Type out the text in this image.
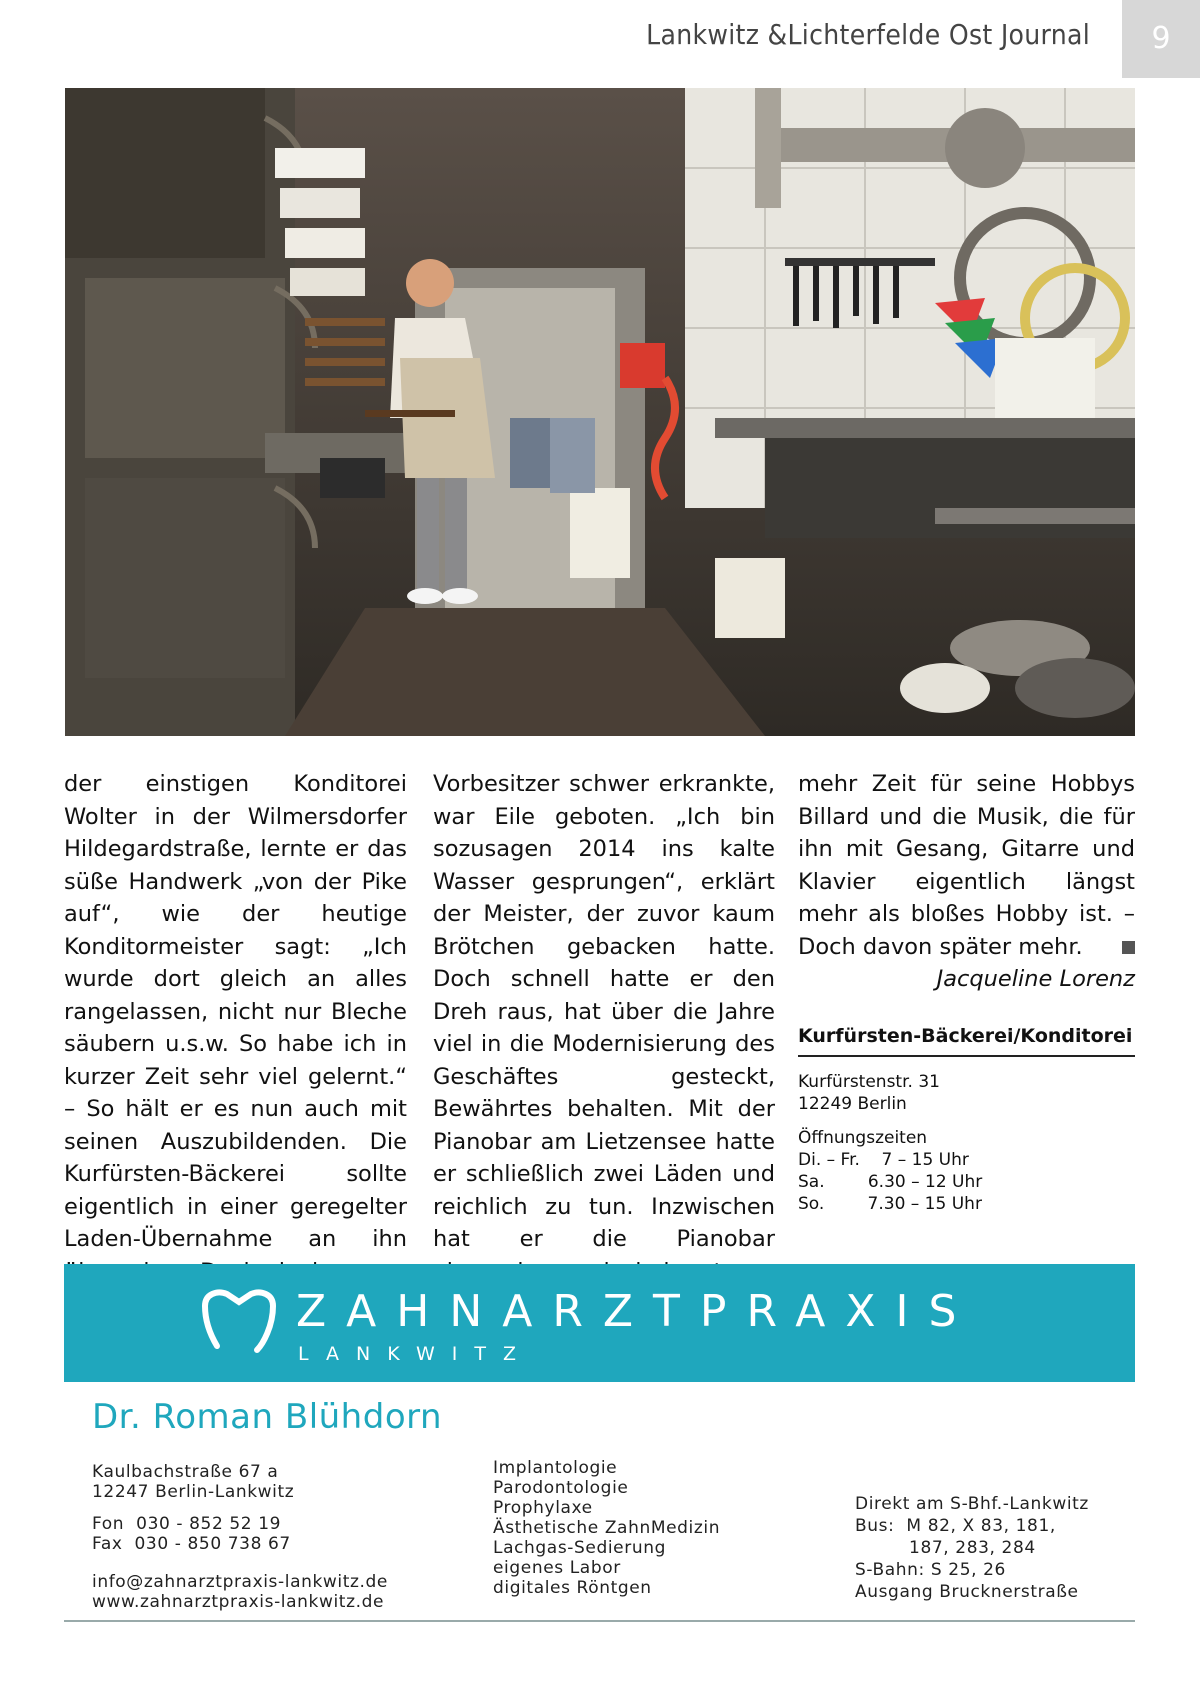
Lankwitz &Lichterfelde Ost Journal	9

der einstigen Konditorei Wolter in der Wilmersdorfer Hildegardstraße, lernte er das süße Handwerk „von der Pike auf“, wie der heutige Konditormeister sagt: „Ich wurde dort gleich an alles rangelassen, nicht nur Bleche säubern u.s.w. So habe ich in kurzer Zeit sehr viel gelernt.“ – So hält er es nun auch mit seinen Auszubildenden. Die Kurfürsten-Bäckerei sollte eigentlich in einer geregelter Laden-Übernahme an ihn

Vorbesitzer schwer erkrankte, war Eile geboten. „Ich bin sozusagen 2014 ins kalte Wasser gesprungen“, erklärt der Meister, der zuvor kaum Brötchen gebacken hatte. Doch schnell hatte er den Dreh raus, hat über die Jahre viel in die Modernisierung des Geschäftes gesteckt, Bewährtes behalten. Mit der Pianobar am Lietzensee hatte er schließlich zwei Läden und reichlich zu tun. Inzwischen hat er die Pianobar

mehr Zeit für seine Hobbys Billard und die Musik, die für ihn mit Gesang, Gitarre und Klavier eigentlich längst mehr als bloßes Hobby ist. – Doch davon später mehr.

Jacqueline Lorenz

Kurfürsten-Bäckerei/Konditorei
Kurfürstenstr. 31
12249 Berlin
Öffnungszeiten
Di. – Fr.    7 – 15 Uhr
Sa.        6.30 – 12 Uhr
So.        7.30 – 15 Uhr
ZAHNARZTPRAXIS
LANKWITZ
Dr. Roman Blühdorn
Kaulbachstraße 67 a
12247 Berlin-Lankwitz
Fon  030 - 852 52 19
Fax  030 - 850 738 67
info@zahnarztpraxis-lankwitz.de
www.zahnarztpraxis-lankwitz.de
Implantologie
Parodontologie
Prophylaxe
Ästhetische ZahnMedizin
Lachgas-Sedierung
eigenes Labor
digitales Röntgen
Direkt am S-Bhf.-Lankwitz
Bus:  M 82, X 83, 181,
187, 283, 284
S-Bahn: S 25, 26
Ausgang Brucknerstraße
